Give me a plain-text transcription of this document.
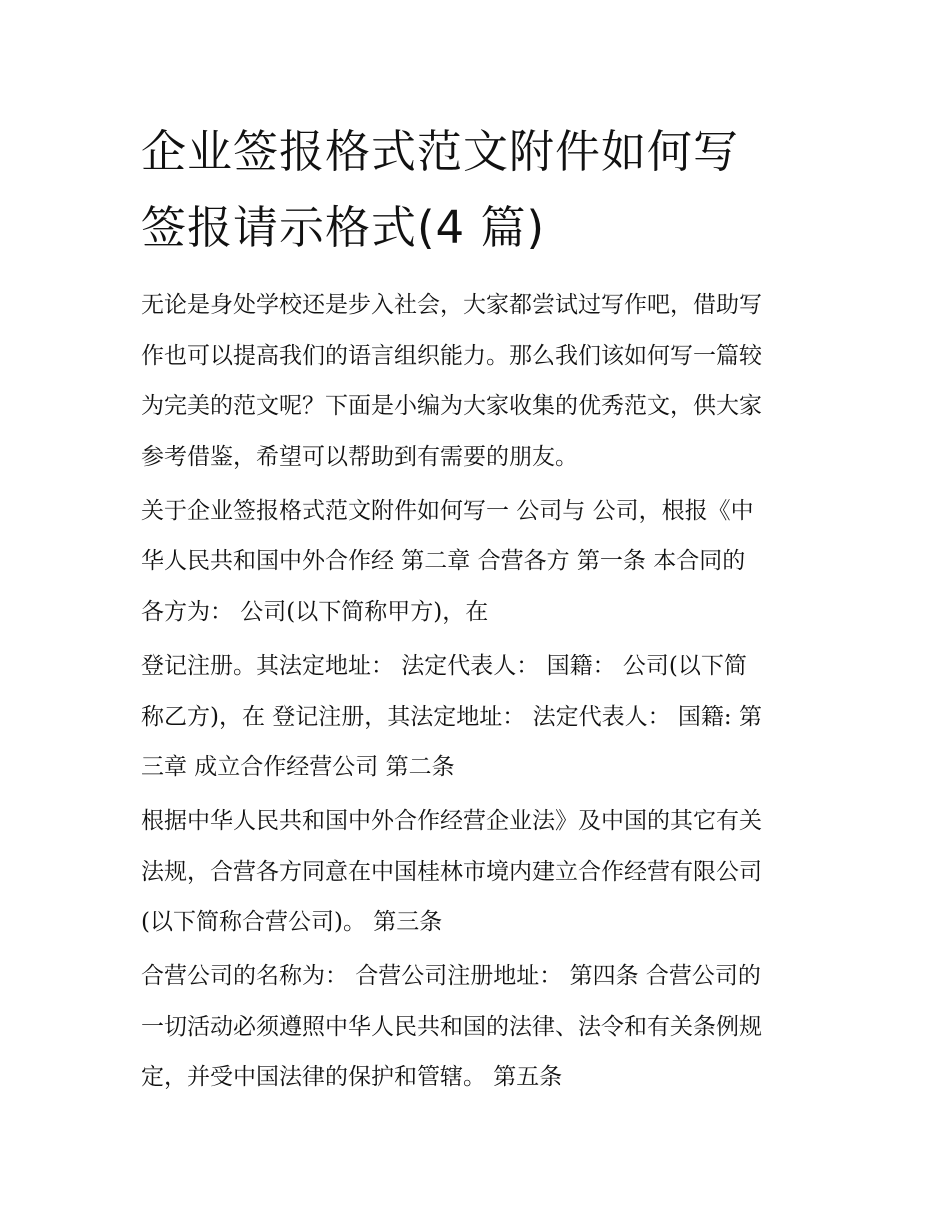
企业签报格式范文附件如何写
签报请示格式(4 篇)
无论是身处学校还是步入社会，大家都尝试过写作吧，借助写
作也可以提高我们的语言组织能力。那么我们该如何写一篇较
为完美的范文呢？下面是小编为大家收集的优秀范文，供大家
参考借鉴，希望可以帮助到有需要的朋友。
关于企业签报格式范文附件如何写一 公司与 公司，根报《中
华人民共和国中外合作经 第二章 合营各方 第一条 本合同的
各方为： 公司(以下简称甲方)，在
登记注册。其法定地址： 法定代表人： 国籍： 公司(以下简
称乙方)，在 登记注册，其法定地址： 法定代表人： 国籍: 第
三章 成立合作经营公司 第二条
根据中华人民共和国中外合作经营企业法》及中国的其它有关
法规，合营各方同意在中国桂林市境内建立合作经营有限公司
(以下简称合营公司)。 第三条
合营公司的名称为： 合营公司注册地址： 第四条 合营公司的
一切活动必须遵照中华人民共和国的法律、法令和有关条例规
定，并受中国法律的保护和管辖。 第五条
